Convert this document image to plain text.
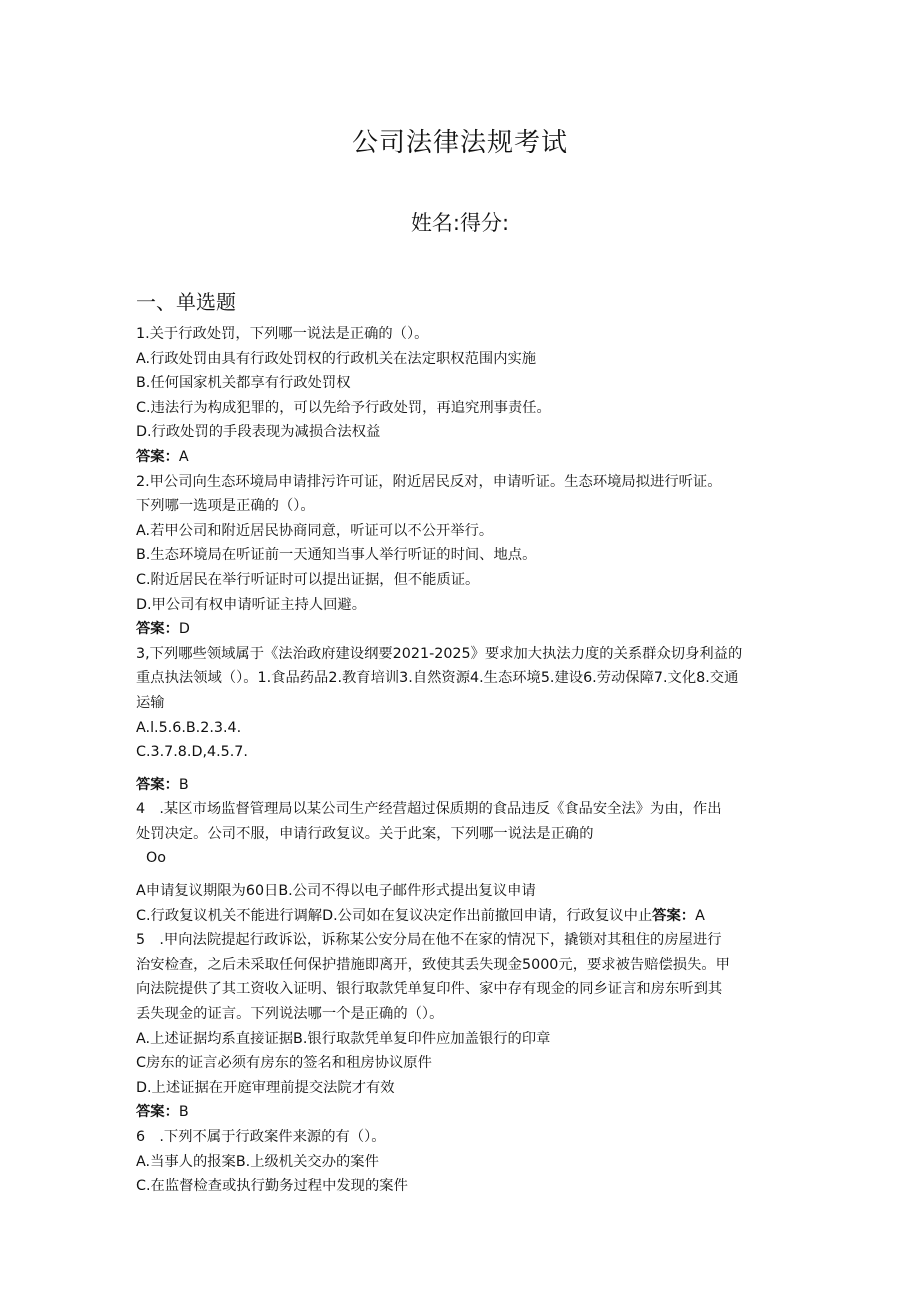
公司法律法规考试
姓名:得分:
一、单选题
1.关于行政处罚，下列哪一说法是正确的（）。
A.行政处罚由具有行政处罚权的行政机关在法定职权范围内实施
B.任何国家机关都享有行政处罚权
C.违法行为构成犯罪的，可以先给予行政处罚，再追究刑事责任。
D.行政处罚的手段表现为减损合法权益
答案：A
2.甲公司向生态环境局申请排污许可证，附近居民反对，申请听证。生态环境局拟进行听证。
下列哪一选项是正确的（）。
A.若甲公司和附近居民协商同意，听证可以不公开举行。
B.生态环境局在听证前一天通知当事人举行听证的时间、地点。
C.附近居民在举行听证时可以提出证据，但不能质证。
D.甲公司有权申请听证主持人回避。
答案：D
3,下列哪些领域属于《法治政府建设纲要2021-2025》要求加大执法力度的关系群众切身利益的
重点执法领域（）。1.食品药品2.教育培训3.自然资源4.生态环境5.建设6.劳动保障7.文化8.交通
运输
A.l.5.6.B.2.3.4.
C.3.7.8.D,4.5.7.
答案：B
4　.某区市场监督管理局以某公司生产经营超过保质期的食品违反《食品安全法》为由，作出
处罚决定。公司不服，申请行政复议。关于此案，下列哪一说法是正确的
Oo
A申请复议期限为60日B.公司不得以电子邮件形式提出复议申请
C.行政复议机关不能进行调解D.公司如在复议决定作出前撤回申请，行政复议中止答案：A
5　.甲向法院提起行政诉讼，诉称某公安分局在他不在家的情况下，撬锁对其租住的房屋进行
治安检查，之后未采取任何保护措施即离开，致使其丢失现金5000元，要求被告赔偿损失。甲
向法院提供了其工资收入证明、银行取款凭单复印件、家中存有现金的同乡证言和房东听到其
丢失现金的证言。下列说法哪一个是正确的（）。
A.上述证据均系直接证据B.银行取款凭单复印件应加盖银行的印章
C房东的证言必须有房东的签名和租房协议原件
D.上述证据在开庭审理前提交法院才有效
答案：B
6　.下列不属于行政案件来源的有（）。
A.当事人的报案B.上级机关交办的案件
C.在监督检查或执行勤务过程中发现的案件
